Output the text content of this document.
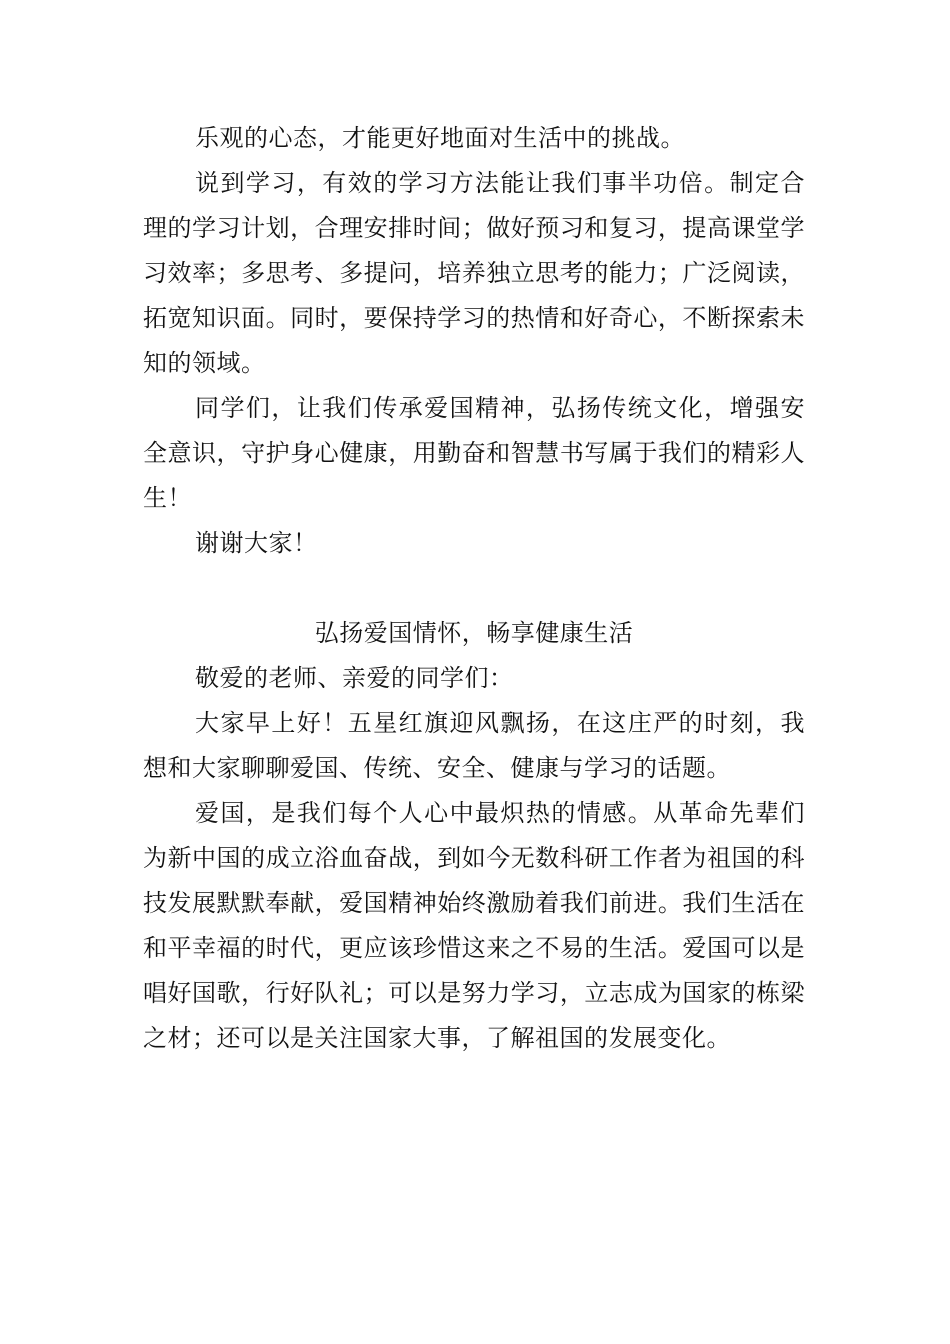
乐观的心态，才能更好地面对生活中的挑战。

说到学习，有效的学习方法能让我们事半功倍。制定合理的学习计划，合理安排时间；做好预习和复习，提高课堂学习效率；多思考、多提问，培养独立思考的能力；广泛阅读，拓宽知识面。同时，要保持学习的热情和好奇心，不断探索未知的领域。

同学们，让我们传承爱国精神，弘扬传统文化，增强安全意识，守护身心健康，用勤奋和智慧书写属于我们的精彩人生！

谢谢大家！

弘扬爱国情怀，畅享健康生活

敬爱的老师、亲爱的同学们：

大家早上好！五星红旗迎风飘扬，在这庄严的时刻，我想和大家聊聊爱国、传统、安全、健康与学习的话题。

爱国，是我们每个人心中最炽热的情感。从革命先辈们为新中国的成立浴血奋战，到如今无数科研工作者为祖国的科技发展默默奉献，爱国精神始终激励着我们前进。我们生活在和平幸福的时代，更应该珍惜这来之不易的生活。爱国可以是唱好国歌，行好队礼；可以是努力学习，立志成为国家的栋梁之材；还可以是关注国家大事，了解祖国的发展变化。
